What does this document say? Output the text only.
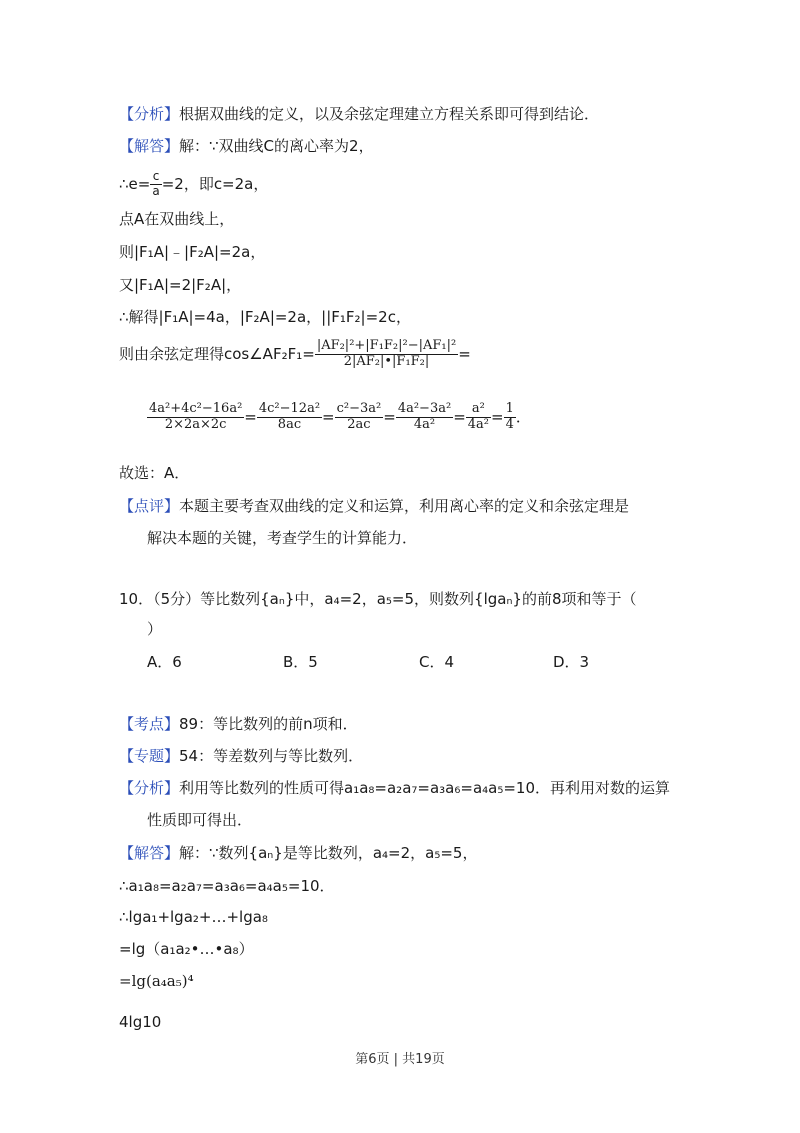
【分析】根据双曲线的定义，以及余弦定理建立方程关系即可得到结论．
【解答】解：∵双曲线C的离心率为2，
∴e= $\frac{c}{a} =2$，即c=2a，
点A在双曲线上，
则|F₁A|﹣|F₂A|=2a，
又|F₁A|=2|F₂A|，
∴解得|F₁A|=4a，|F₂A|=2a，||F₁F₂|=2c，
则由余弦定理得cos∠AF₂F₁= $\frac{\text{|AF₂|²+|F₁F₂|²−|AF₁|²}}{\text{2|AF₂|•|F₁F₂|}}$ =
$\frac{\text{4a²+4c²−16a²}}{2\times 2a\times 2c} = \frac{\text{4c²−12a²}}{8ac} = \frac{\text{c²−3a²}}{2ac} = \frac{\text{4a²−3a²}}{\text{4a²}} = \frac{\text{a²}}{\text{4a²}} = \frac{1}{4}$ ．
故选：A．
【点评】本题主要考查双曲线的定义和运算，利用离心率的定义和余弦定理是
解决本题的关键，考查学生的计算能力．
10．（5分）等比数列{aₙ}中，a₄=2，a₅=5，则数列{lgaₙ}的前8项和等于（
）
A．6	B．5	C．4	D．3
【考点】89：等比数列的前n项和．
【专题】54：等差数列与等比数列．
【分析】利用等比数列的性质可得a₁a₈=a₂a₇=a₃a₆=a₄a₅=10．再利用对数的运算
性质即可得出．
【解答】解：∵数列{aₙ}是等比数列，a₄=2，a₅=5，
∴a₁a₈=a₂a₇=a₃a₆=a₄a₅=10．
∴lga₁+lga₂+…+lga₈
=lg（a₁a₂•…•a₈）
=lg(a₄a₅)⁴
4lg10
第6页 | 共19页
